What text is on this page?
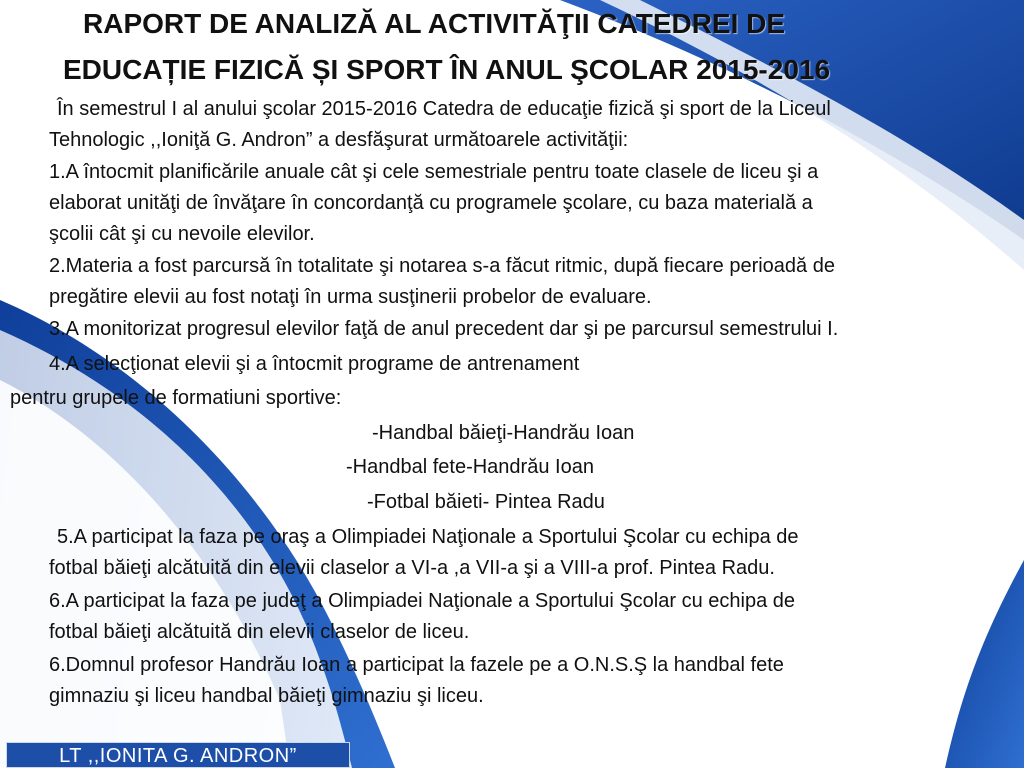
RAPORT DE ANALIZĂ AL ACTIVITĂŢII CATEDREI DE
EDUCAȚIE FIZICĂ ȘI SPORT ÎN ANUL ŞCOLAR 2015-2016
În semestrul I al anului şcolar 2015-2016 Catedra de educaţie fizică şi sport de la Liceul
Tehnologic ,,Ioniţă G. Andron” a desfăşurat următoarele activităţii:
1.A întocmit planificările anuale cât şi cele semestriale pentru toate clasele de liceu şi a
elaborat unităţi de învăţare în concordanţă cu programele şcolare, cu baza materială a
şcolii cât şi cu nevoile elevilor.
2.Materia a fost parcursă în totalitate şi notarea s-a făcut ritmic, după fiecare perioadă de
pregătire elevii au fost notaţi în urma susţinerii probelor de evaluare.
3.A monitorizat progresul elevilor faţă de anul precedent dar şi pe parcursul semestrului I.
4.A selecţionat elevii şi a întocmit programe de antrenament
pentru grupele de formatiuni sportive:
-Handbal băieţi-Handrău Ioan
-Handbal fete-Handrău Ioan
-Fotbal băieti- Pintea Radu
5.A participat la faza pe oraş a Olimpiadei Naţionale a Sportului Şcolar cu echipa de
fotbal băieţi alcătuită din elevii claselor a VI-a ,a VII-a şi a VIII-a prof. Pintea Radu.
6.A participat la faza pe judeţ a Olimpiadei Naţionale a Sportului Şcolar cu echipa de
fotbal băieţi alcătuită din elevii claselor de liceu.
6.Domnul profesor Handrău Ioan a participat la fazele pe a O.N.S.Ş la handbal fete
gimnaziu şi liceu handbal băieţi gimnaziu şi liceu.
LT ,,IONITA G. ANDRON”
